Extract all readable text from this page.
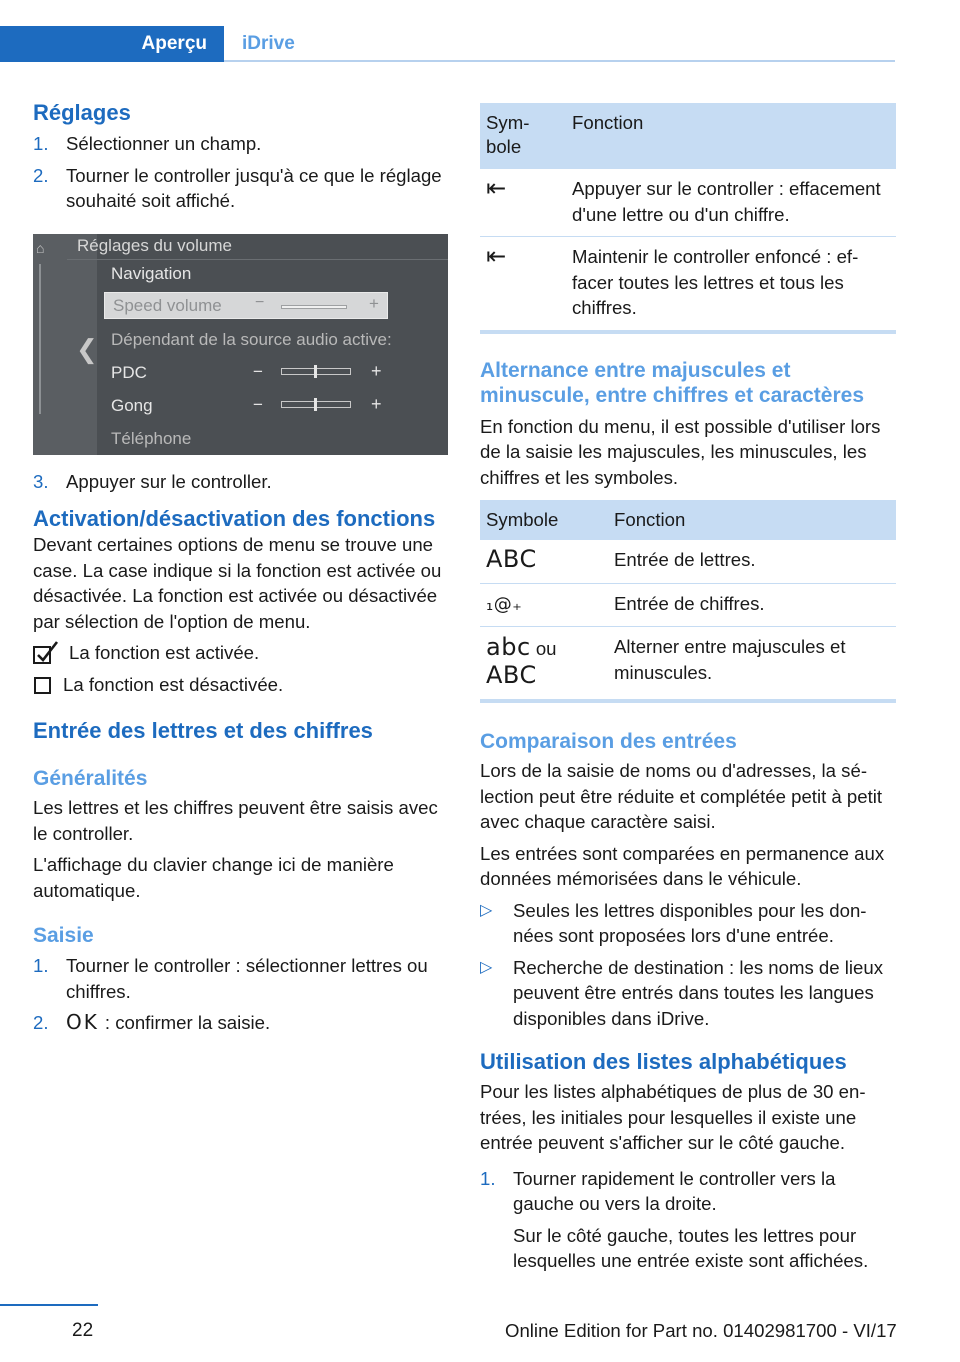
Aperçu	iDrive
Réglages
1. Sélectionner un champ.
2. Tourner le controller jusqu'à ce que le réglage souhaité soit affiché.
⌂
❮
Réglages du volume
Navigation
Speed volume −	+
Dépendant de la source audio active:
PDC	−	+
Gong	−	+
Téléphone
3. Appuyer sur le controller.
Activation/désactivation des fonctions

Devant certaines options de menu se trouve une case. La case indique si la fonction est activée ou désactivée. La fonction est activée ou désactivée par sélection de l'option de menu.

La fonction est activée.
La fonction est désactivée.
Entrée des lettres et des chiffres
Généralités

Les lettres et les chiffres peuvent être saisis avec le controller.

L'affichage du clavier change ici de manière automatique.

Saisie
1. Tourner le controller : sélectionner lettres ou chiffres.
2. OK : confirmer la saisie.
Sym-
bole	Fonction
⇤	Appuyer sur le controller : effacement d'une lettre ou d'un chiffre.
⇤	Maintenir le controller enfoncé : effacer toutes les lettres et tous les chiffres.
Alternance entre majuscules et minuscule, entre chiffres et caractères

En fonction du menu, il est possible d'utiliser lors de la saisie les majuscules, les minuscules, les chiffres et les symboles.

Symbole	Fonction
ABC	Entrée de lettres.
₁@₊	Entrée de chiffres.
abc ou
ABC	Alterner entre majuscules et minuscules.
Comparaison des entrées

Lors de la saisie de noms ou d'adresses, la sélection peut être réduite et complétée petit à petit avec chaque caractère saisi.

Les entrées sont comparées en permanence aux données mémorisées dans le véhicule.

▷ Seules les lettres disponibles pour les données sont proposées lors d'une entrée.
▷ Recherche de destination : les noms de lieux peuvent être entrés dans toutes les langues disponibles dans iDrive.
Utilisation des listes alphabétiques

Pour les listes alphabétiques de plus de 30 entrées, les initiales pour lesquelles il existe une entrée peuvent s'afficher sur le côté gauche.

1. Tourner rapidement le controller vers la gauche ou vers la droite.
Sur le côté gauche, toutes les lettres pour lesquelles une entrée existe sont affichées.
22	Online Edition for Part no. 01402981700 - VI/17
